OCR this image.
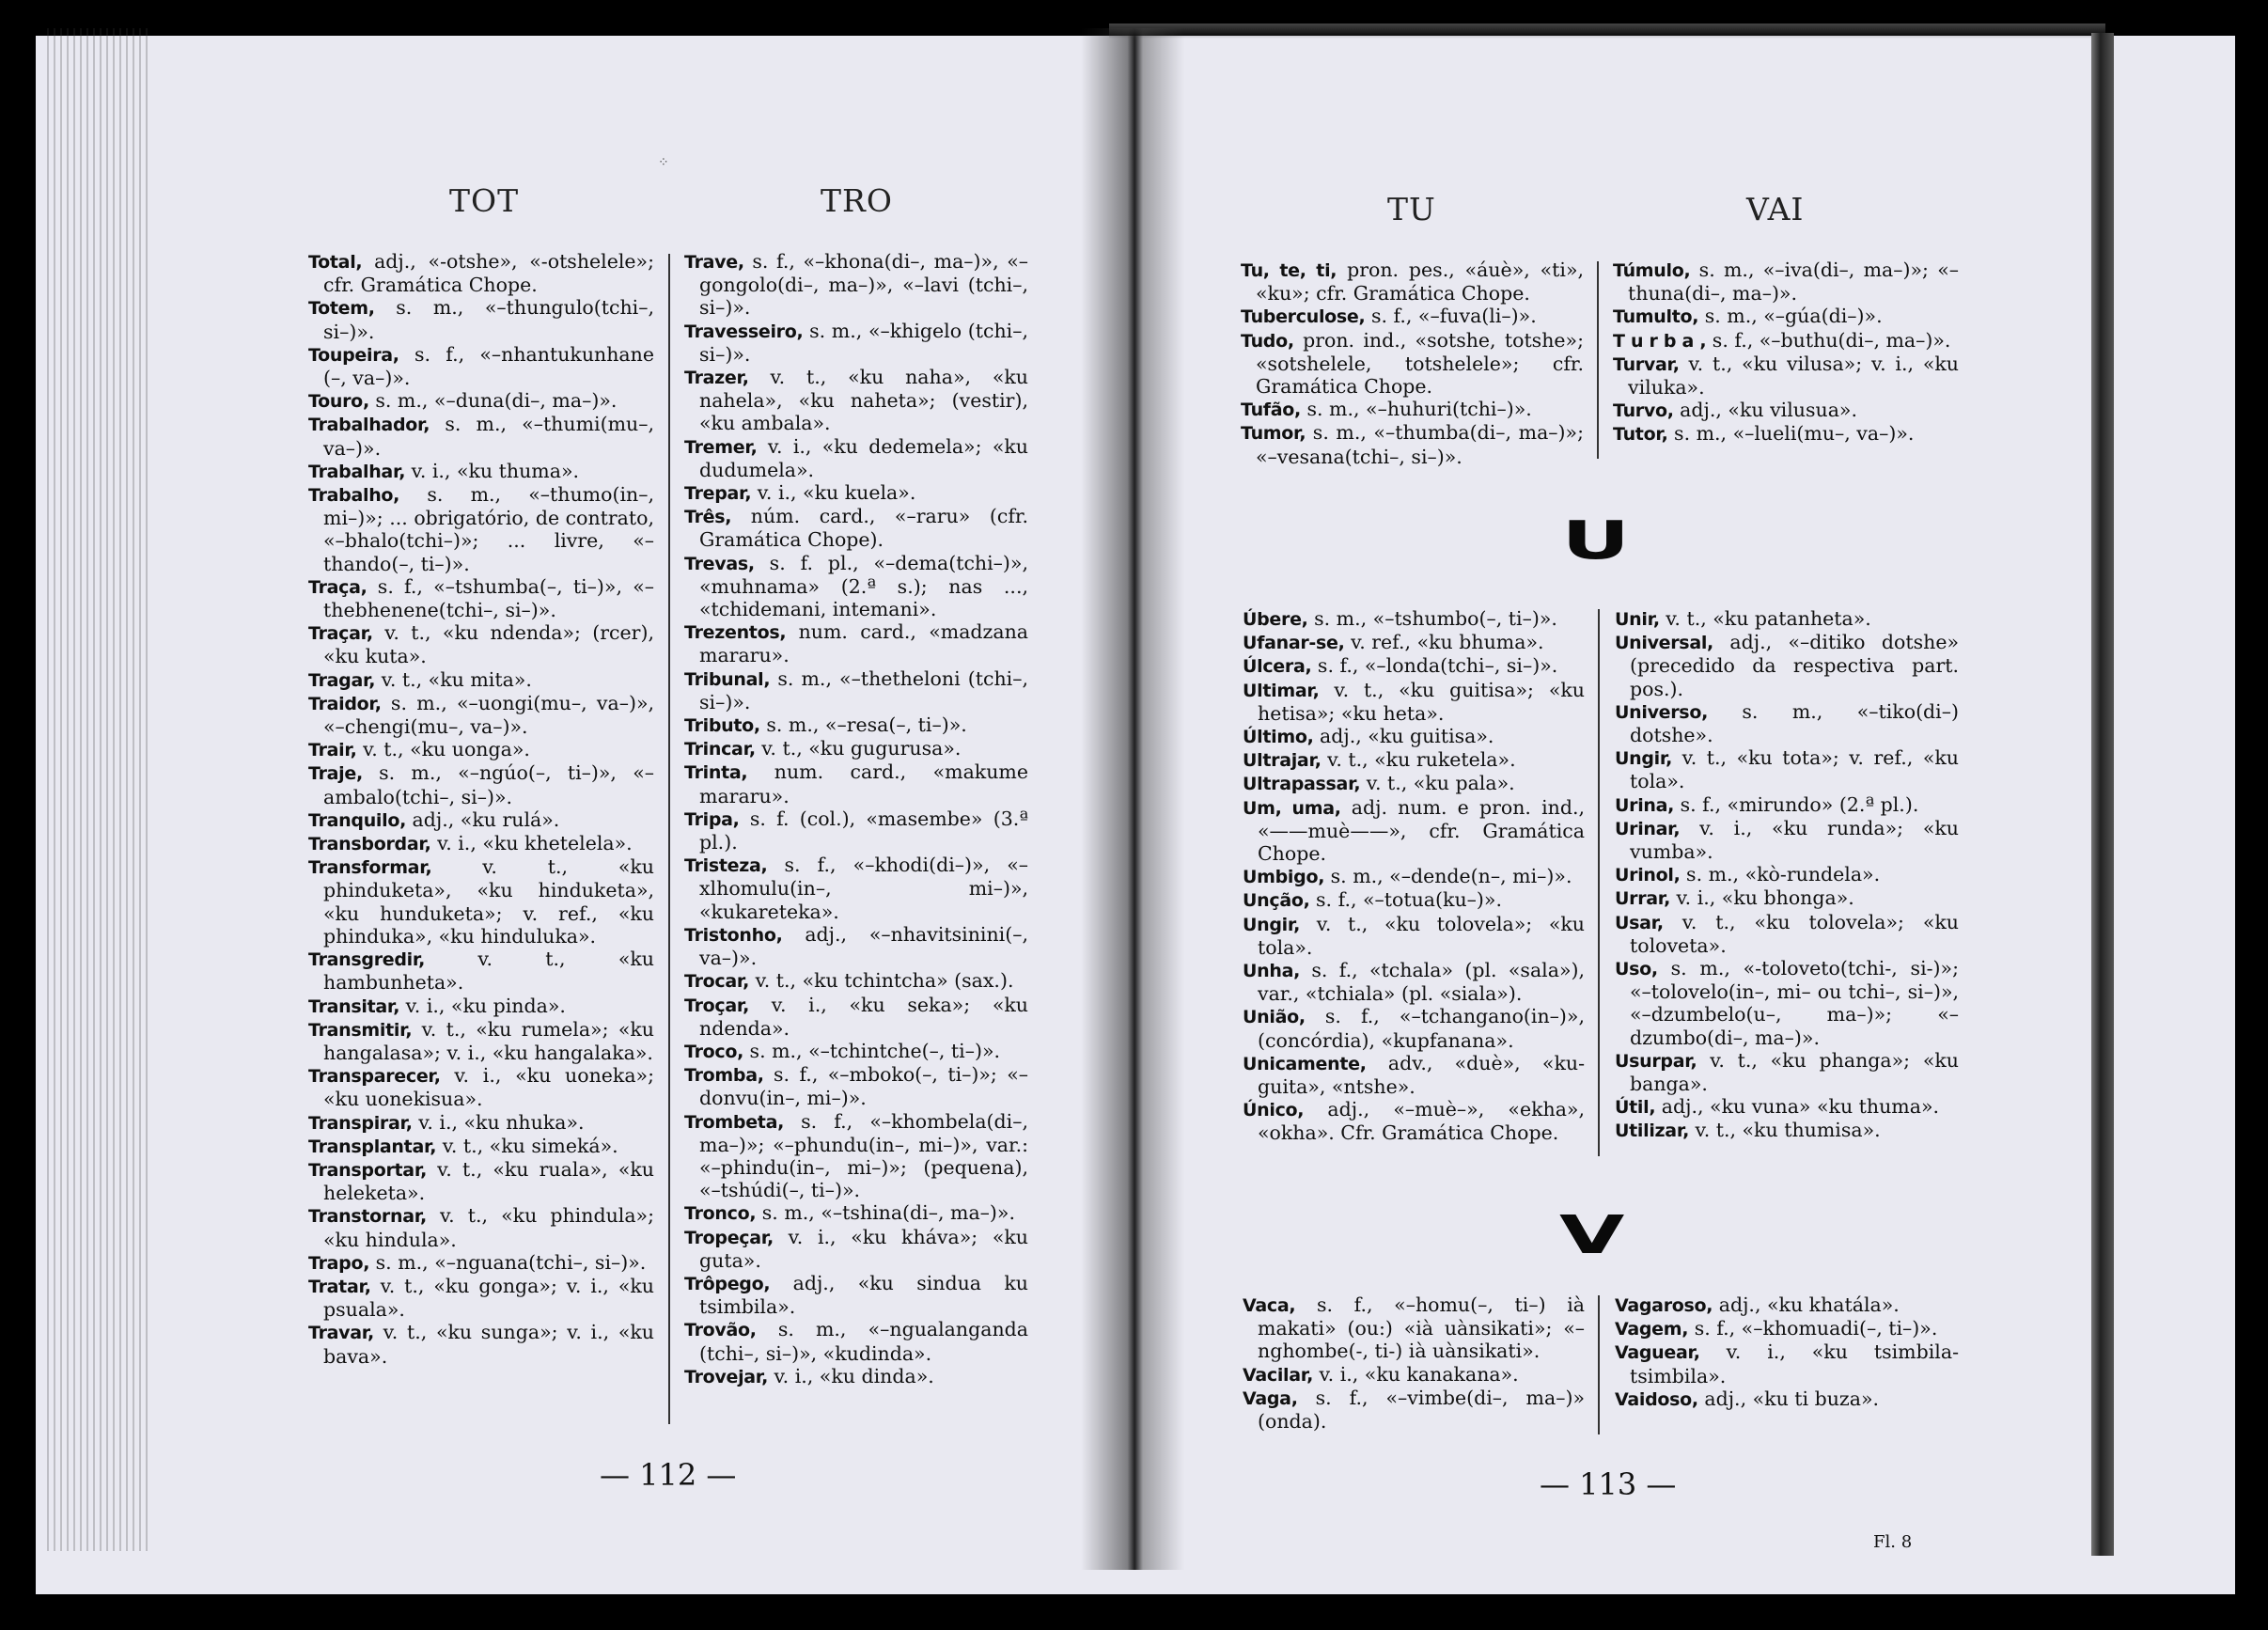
⁘
TOT	TRO
Total, adj., «-otshe», «-otshelele»; cfr. Gramática Chope.
Totem, s. m., «–thungulo(tchi–, si–)».
Toupeira, s. f., «–nhantukunhane (–, va–)».
Touro, s. m., «–duna(di–, ma–)».
Trabalhador, s. m., «–thumi(mu–, va–)».
Trabalhar, v. i., «ku thuma».
Trabalho, s. m., «–thumo(in–, mi–)»; ... obrigatório, de contrato, «–bhalo(tchi–)»; ... livre, «–thando(–, ti–)».
Traça, s. f., «–tshumba(–, ti–)», «–thebhenene(tchi–, si–)».
Traçar, v. t., «ku ndenda»; (rcer), «ku kuta».
Tragar, v. t., «ku mita».
Traidor, s. m., «–uongi(mu–, va–)», «–chengi(mu–, va–)».
Trair, v. t., «ku uonga».
Traje, s. m., «–ngúo(–, ti–)», «–ambalo(tchi–, si–)».
Tranquilo, adj., «ku rulá».
Transbordar, v. i., «ku khetelela».
Transformar, v. t., «ku phinduketa», «ku hinduketa», «ku hunduketa»; v. ref., «ku phinduka», «ku hinduluka».
Transgredir, v. t., «ku hambunheta».
Transitar, v. i., «ku pinda».
Transmitir, v. t., «ku rumela»; «ku hangalasa»; v. i., «ku hangalaka».
Transparecer, v. i., «ku uoneka»; «ku uonekisua».
Transpirar, v. i., «ku nhuka».
Transplantar, v. t., «ku simeká».
Transportar, v. t., «ku ruala», «ku heleketa».
Transtornar, v. t., «ku phindula»; «ku hindula».
Trapo, s. m., «–nguana(tchi–, si–)».
Tratar, v. t., «ku gonga»; v. i., «ku psuala».
Travar, v. t., «ku sunga»; v. i., «ku bava».
Trave, s. f., «–khona(di–, ma–)», «–gongolo(di–, ma–)», «–lavi (tchi–, si–)».
Travesseiro, s. m., «–khigelo (tchi–, si–)».
Trazer, v. t., «ku naha», «ku nahela», «ku naheta»; (vestir), «ku ambala».
Tremer, v. i., «ku dedemela»; «ku dudumela».
Trepar, v. i., «ku kuela».
Três, núm. card., «–raru» (cfr. Gramática Chope).
Trevas, s. f. pl., «–dema(tchi–)», «muhnama» (2.ª s.); nas ..., «tchidemani, intemani».
Trezentos, num. card., «madzana mararu».
Tribunal, s. m., «–thetheloni (tchi–, si–)».
Tributo, s. m., «–resa(–, ti–)».
Trincar, v. t., «ku gugurusa».
Trinta, num. card., «makume mararu».
Tripa, s. f. (col.), «masembe» (3.ª pl.).
Tristeza, s. f., «–khodi(di–)», «–xlhomulu(in–, mi–)», «kukareteka».
Tristonho, adj., «–nhavitsinini(–, va–)».
Trocar, v. t., «ku tchintcha» (sax.).
Troçar, v. i., «ku seka»; «ku ndenda».
Troco, s. m., «–tchintche(–, ti–)».
Tromba, s. f., «–mboko(–, ti–)»; «–donvu(in–, mi–)».
Trombeta, s. f., «–khombela(di–, ma–)»; «–phundu(in–, mi–)», var.: «–phindu(in–, mi–)»; (pequena), «–tshúdi(–, ti–)».
Tronco, s. m., «–tshina(di–, ma–)».
Tropeçar, v. i., «ku kháva»; «ku guta».
Trôpego, adj., «ku sindua ku tsimbila».
Trovão, s. m., «–ngualanganda (tchi–, si–)», «kudinda».
Trovejar, v. i., «ku dinda».
— 112 —
TU	VAI
Tu, te, ti, pron. pes., «áuè», «ti», «ku»; cfr. Gramática Chope.
Tuberculose, s. f., «–fuva(li–)».
Tudo, pron. ind., «sotshe, totshe»; «sotshelele, totshelele»; cfr. Gramática Chope.
Tufão, s. m., «–huhuri(tchi–)».
Tumor, s. m., «–thumba(di–, ma–)»; «–vesana(tchi–, si–)».
Túmulo, s. m., «–iva(di–, ma–)»; «–thuna(di–, ma–)».
Tumulto, s. m., «–gúa(di–)».
T u r b a , s. f., «–buthu(di–, ma–)».
Turvar, v. t., «ku vilusa»; v. i., «ku viluka».
Turvo, adj., «ku vilusua».
Tutor, s. m., «–lueli(mu–, va–)».
U
Úbere, s. m., «–tshumbo(–, ti–)».
Ufanar-se, v. ref., «ku bhuma».
Úlcera, s. f., «–londa(tchi–, si–)».
Ultimar, v. t., «ku guitisa»; «ku hetisa»; «ku heta».
Último, adj., «ku guitisa».
Ultrajar, v. t., «ku ruketela».
Ultrapassar, v. t., «ku pala».
Um, uma, adj. num. e pron. ind., «——muè——», cfr. Gramática Chope.
Umbigo, s. m., «–dende(n–, mi–)».
Unção, s. f., «–totua(ku–)».
Ungir, v. t., «ku tolovela»; «ku tola».
Unha, s. f., «tchala» (pl. «sala»), var., «tchiala» (pl. «siala»).
União, s. f., «–tchangano(in–)», (concórdia), «kupfanana».
Unicamente, adv., «duè», «ku-guita», «ntshe».
Único, adj., «–muè–», «ekha», «okha». Cfr. Gramática Chope.
Unir, v. t., «ku patanheta».
Universal, adj., «–ditiko dotshe» (precedido da respectiva part. pos.).
Universo, s. m., «–tiko(di–) dotshe».
Ungir, v. t., «ku tota»; v. ref., «ku tola».
Urina, s. f., «mirundo» (2.ª pl.).
Urinar, v. i., «ku runda»; «ku vumba».
Urinol, s. m., «kò-rundela».
Urrar, v. i., «ku bhonga».
Usar, v. t., «ku tolovela»; «ku toloveta».
Uso, s. m., «-toloveto(tchi-, si-)»; «–tolovelo(in–, mi– ou tchi–, si–)», «–dzumbelo(u–, ma–)»; «–dzumbo(di–, ma–)».
Usurpar, v. t., «ku phanga»; «ku banga».
Útil, adj., «ku vuna» «ku thuma».
Utilizar, v. t., «ku thumisa».
V
Vaca, s. f., «–homu(–, ti–) ià makati» (ou:) «ià uànsikati»; «–nghombe(-, ti-) ià uànsikati».
Vacilar, v. i., «ku kanakana».
Vaga, s. f., «–vimbe(di–, ma–)» (onda).
Vagaroso, adj., «ku khatála».
Vagem, s. f., «–khomuadi(–, ti–)».
Vaguear, v. i., «ku tsimbila-tsimbila».
Vaidoso, adj., «ku ti buza».
— 113 —
Fl. 8
